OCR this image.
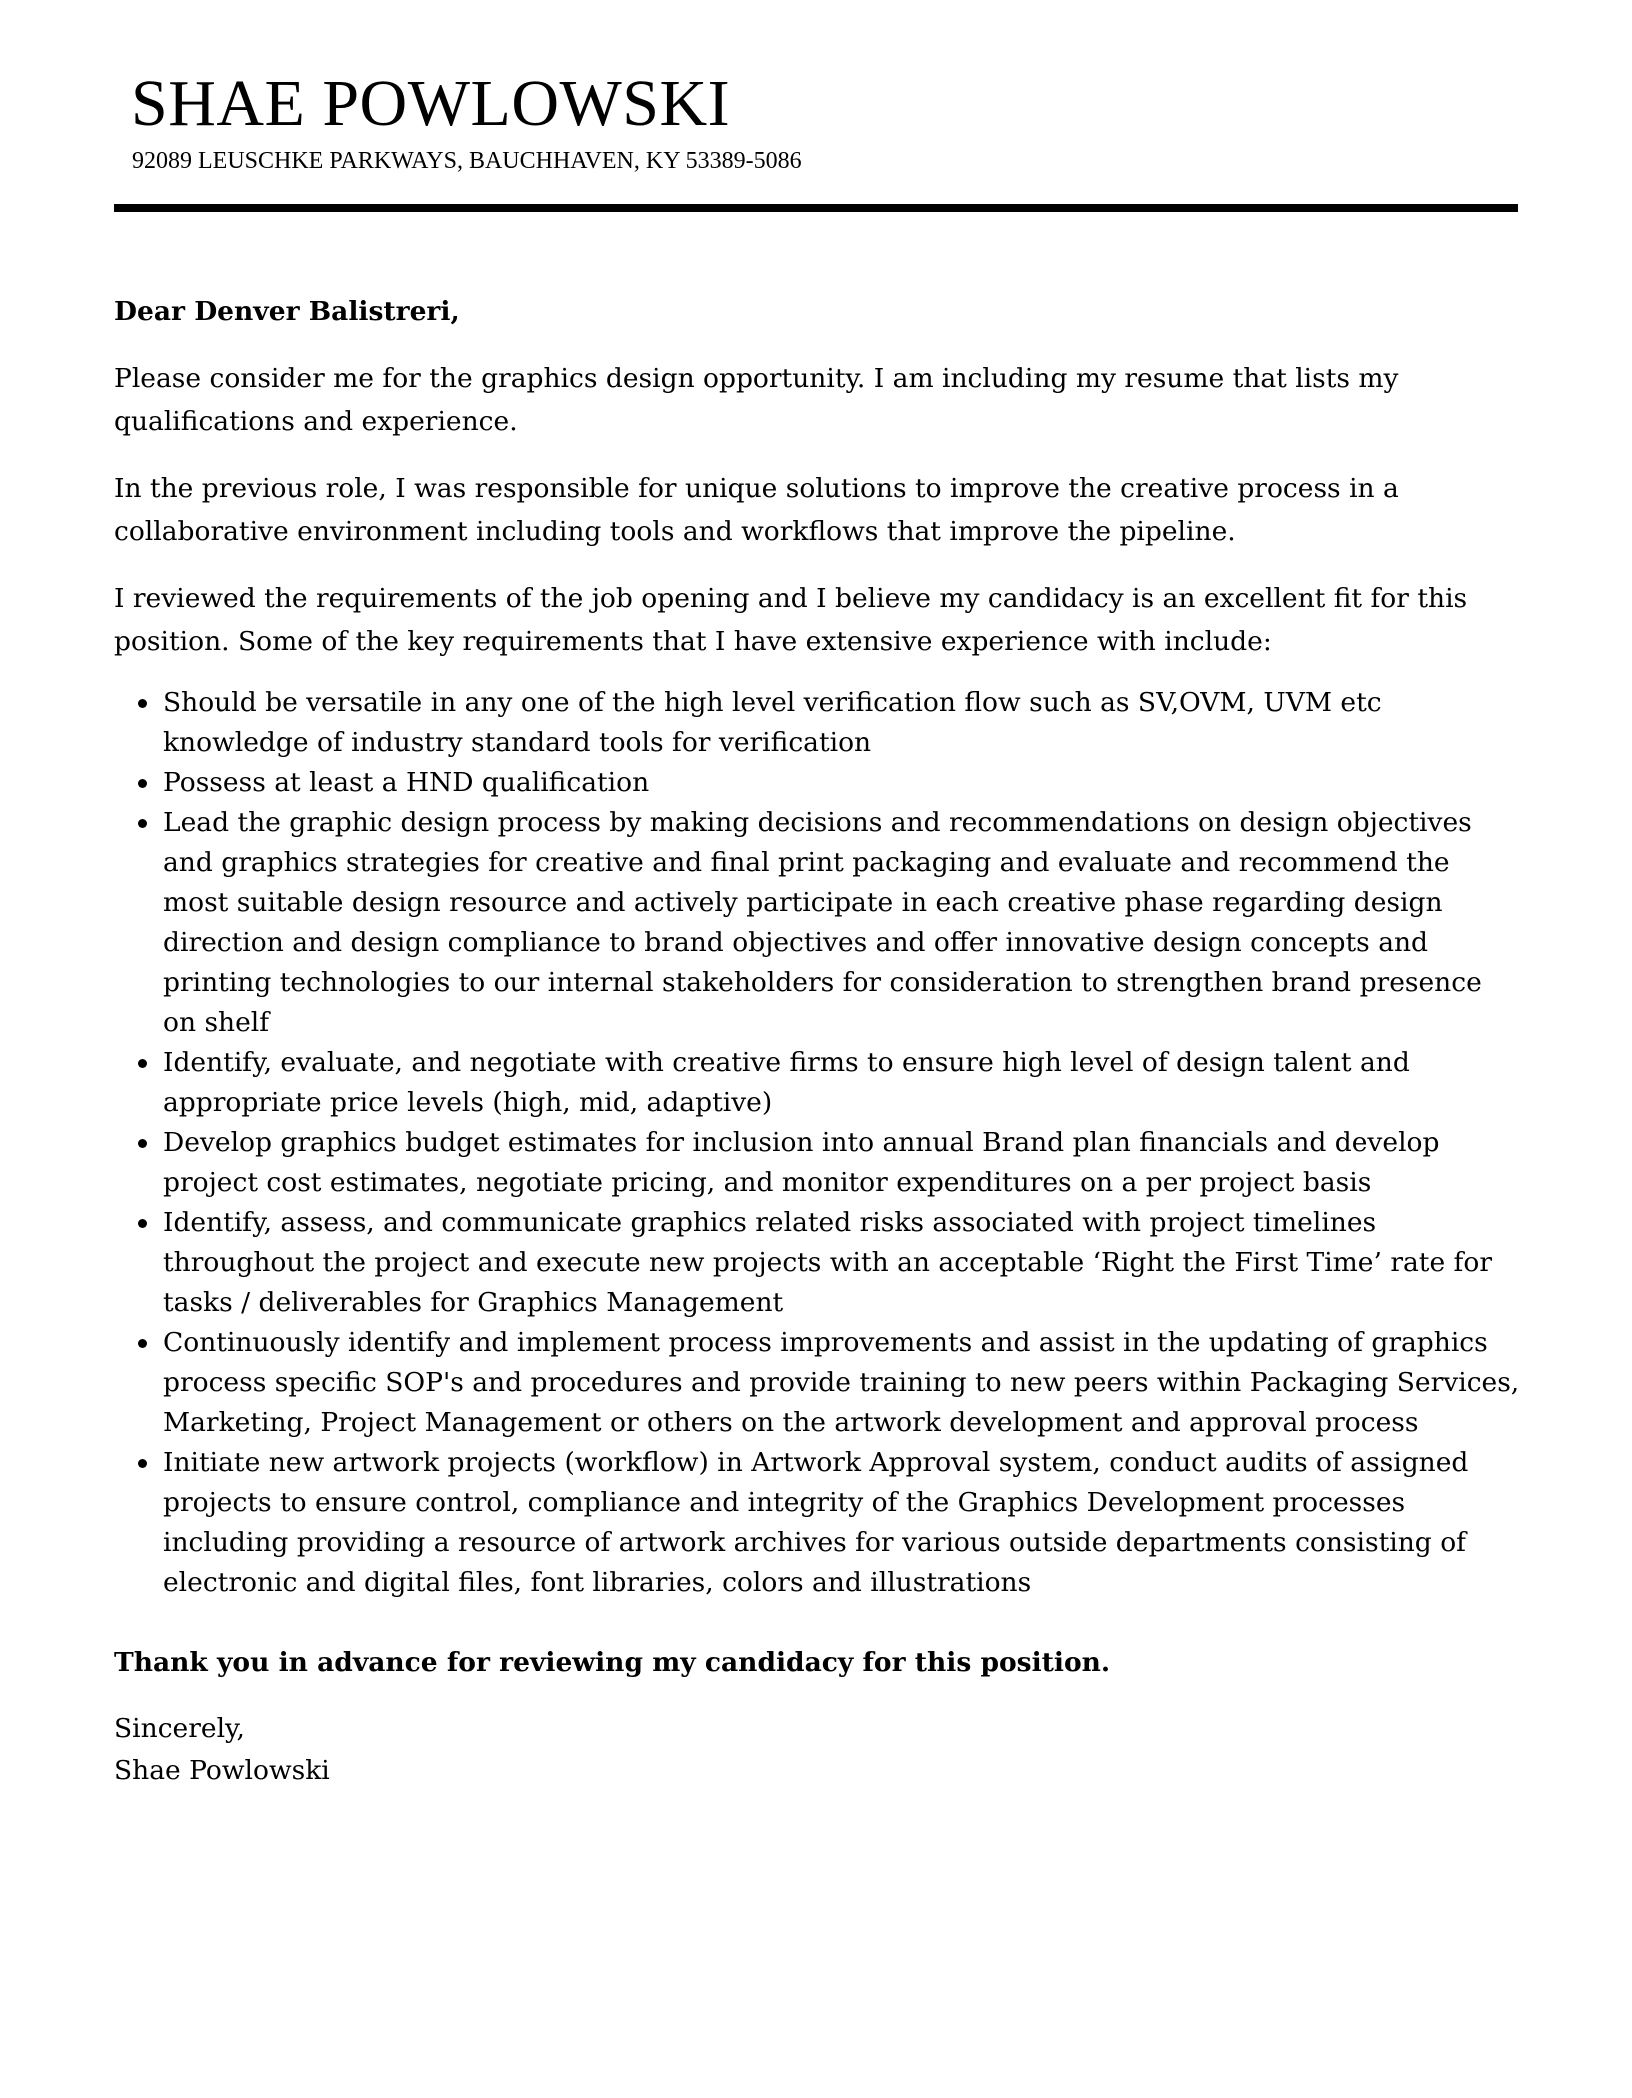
SHAE POWLOWSKI
92089 LEUSCHKE PARKWAYS, BAUCHHAVEN, KY 53389-5086
Dear Denver Balistreri,
Please consider me for the graphics design opportunity. I am including my resume that lists my
qualifications and experience.
In the previous role, I was responsible for unique solutions to improve the creative process in a
collaborative environment including tools and workflows that improve the pipeline.
I reviewed the requirements of the job opening and I believe my candidacy is an excellent fit for this
position. Some of the key requirements that I have extensive experience with include:
Should be versatile in any one of the high level verification flow such as SV,OVM, UVM etc
knowledge of industry standard tools for verification
Possess at least a HND qualification
Lead the graphic design process by making decisions and recommendations on design objectives
and graphics strategies for creative and final print packaging and evaluate and recommend the
most suitable design resource and actively participate in each creative phase regarding design
direction and design compliance to brand objectives and offer innovative design concepts and
printing technologies to our internal stakeholders for consideration to strengthen brand presence
on shelf
Identify, evaluate, and negotiate with creative firms to ensure high level of design talent and
appropriate price levels (high, mid, adaptive)
Develop graphics budget estimates for inclusion into annual Brand plan financials and develop
project cost estimates, negotiate pricing, and monitor expenditures on a per project basis
Identify, assess, and communicate graphics related risks associated with project timelines
throughout the project and execute new projects with an acceptable ‘Right the First Time’ rate for
tasks / deliverables for Graphics Management
Continuously identify and implement process improvements and assist in the updating of graphics
process specific SOP's and procedures and provide training to new peers within Packaging Services,
Marketing, Project Management or others on the artwork development and approval process
Initiate new artwork projects (workflow) in Artwork Approval system, conduct audits of assigned
projects to ensure control, compliance and integrity of the Graphics Development processes
including providing a resource of artwork archives for various outside departments consisting of
electronic and digital files, font libraries, colors and illustrations
Thank you in advance for reviewing my candidacy for this position.
Sincerely,
Shae Powlowski
